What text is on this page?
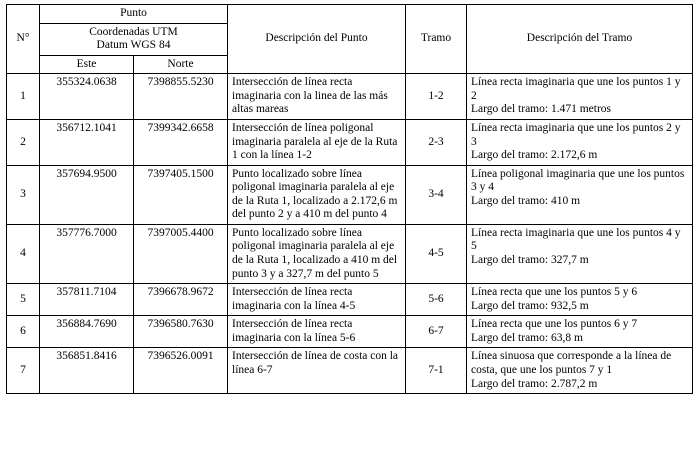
N°	Punto		Descripción del Punto	Tramo	Descripción del Tramo

	Coordenadas UTM
Datum WGS 84				

	Este	Norte			
1	355324.0638	7398855.5230	Intersección de línea recta imaginaria con la linea de las más altas mareas	1-2	Línea recta imaginaria que une los puntos 1 y 2
Largo del tramo: 1.471 metros

2	356712.1041	7399342.6658	Intersección de línea poligonal imaginaria paralela al eje de la Ruta 1 con la línea 1-2	2-3	Línea recta imaginaria que une los puntos 2 y 3
Largo del tramo: 2.172,6 m

3	357694.9500	7397405.1500	Punto localizado sobre línea poligonal imaginaria paralela al eje de la Ruta 1, localizado a 2.172,6 m del punto 2 y a 410 m del punto 4	3-4	Línea poligonal imaginaria que une los puntos 3 y 4
Largo del tramo: 410 m

4	357776.7000	7397005.4400	Punto localizado sobre línea poligonal imaginaria paralela al eje de la Ruta 1, localizado a 410 m del punto 3 y a 327,7 m del punto 5	4-5	Línea recta imaginaria que une los puntos 4 y 5
Largo del tramo: 327,7 m

5	357811.7104	7396678.9672	Intersección de línea recta imaginaria con la línea 4-5	5-6	Línea recta que une los puntos 5 y 6
Largo del tramo: 932,5 m

6	356884.7690	7396580.7630	Intersección de línea recta imaginaria con la línea 5-6	6-7	Línea recta que une los puntos 6 y 7
Largo del tramo: 63,8 m

7	356851.8416	7396526.0091	Intersección de línea de costa con la línea 6-7	7-1	Línea sinuosa que corresponde a la línea de costa, que une los puntos 7 y 1
Largo del tramo: 2.787,2 m
